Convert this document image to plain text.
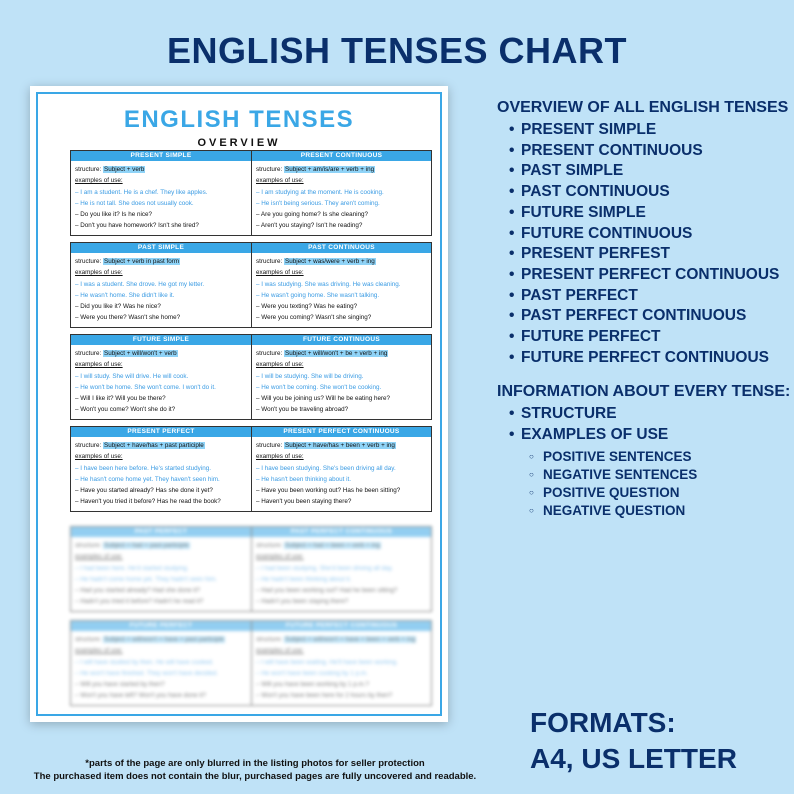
ENGLISH TENSES CHART
ENGLISH TENSES
OVERVIEW
PRESENT SIMPLE
structure: Subject + verb
examples of use:
– I am a student. He is a chef. They like apples.
– He is not tall. She does not usually cook.
– Do you like it? Is he nice?
– Don't you have homework? Isn't she tired?
PRESENT CONTINUOUS
structure: Subject + am/is/are + verb + ing
examples of use:
– I am studying at the moment. He is cooking.
– He isn't being serious. They aren't coming.
– Are you going home? Is she cleaning?
– Aren't you staying? Isn't he reading?
PAST SIMPLE
structure: Subject + verb in past form
examples of use:
– I was a student. She drove. He got my letter.
– He wasn't home. She didn't like it.
– Did you like it? Was he nice?
– Were you there? Wasn't she home?
PAST CONTINUOUS
structure: Subject + was/were + verb + ing
examples of use:
– I was studying. She was driving. He was cleaning.
– He wasn't going home. She wasn't talking.
– Were you texting? Was he eating?
– Were you coming? Wasn't she singing?
FUTURE SIMPLE
structure: Subject + will/won't + verb
examples of use:
– I will study. She will drive. He will cook.
– He won't be home. She won't come. I won't do it.
– Will I like it? Will you be there?
– Won't you come? Won't she do it?
FUTURE CONTINUOUS
structure: Subject + will/won't + be + verb + ing
examples of use:
– I will be studying. She will be driving.
– He won't be coming. She won't be cooking.
– Will you be joining us? Will he be eating here?
– Won't you be traveling abroad?
PRESENT PERFECT
structure: Subject + have/has + past participle
examples of use:
– I have been here before. He's started studying.
– He hasn't come home yet. They haven't seen him.
– Have you started already? Has she done it yet?
– Haven't you tried it before? Has he read the book?
PRESENT PERFECT CONTINUOUS
structure: Subject + have/has + been + verb + ing
examples of use:
– I have been studying. She's been driving all day.
– He hasn't been thinking about it.
– Have you been working out? Has he been sitting?
– Haven't you been staying there?
PAST PERFECT
structure: Subject + had + past participle
examples of use:
– I had been here. He'd started studying.
– He hadn't come home yet. They hadn't seen him.
– Had you started already? Had she done it?
– Hadn't you tried it before? Hadn't he read it?
PAST PERFECT CONTINUOUS
structure: Subject + had + been + verb + ing
examples of use:
– I had been studying. She'd been driving all day.
– He hadn't been thinking about it.
– Had you been working out? Had he been sitting?
– Hadn't you been staying there?
FUTURE PERFECT
structure: Subject + will/won't + have + past participle
examples of use:
– I will have studied by then. He will have cooked.
– He won't have finished. They won't have decided.
– Will you have started by then?
– Won't you have left? Won't you have done it?
FUTURE PERFECT CONTINUOUS
structure: Subject + will/won't + have + been + verb + ing
examples of use:
– I will have been waiting. He'll have been working.
– He won't have been cooking by 1 p.m.
– Will you have been working by 1 p.m.?
– Won't you have been here for 2 hours by then?
OVERVIEW OF ALL ENGLISH TENSES
• PRESENT SIMPLE
• PRESENT CONTINUOUS
• PAST SIMPLE
• PAST CONTINUOUS
• FUTURE SIMPLE
• FUTURE CONTINUOUS
• PRESENT PERFEST
• PRESENT PERFECT CONTINUOUS
• PAST PERFECT
• PAST PERFECT CONTINUOUS
• FUTURE PERFECT
• FUTURE PERFECT CONTINUOUS
INFORMATION ABOUT EVERY TENSE:
• STRUCTURE
• EXAMPLES OF USE
○ POSITIVE SENTENCES
○ NEGATIVE SENTENCES
○ POSITIVE QUESTION
○ NEGATIVE QUESTION
FORMATS:
A4, US LETTER
*parts of the page are only blurred in the listing photos for seller protection
The purchased item does not contain the blur, purchased pages are fully uncovered and readable.
